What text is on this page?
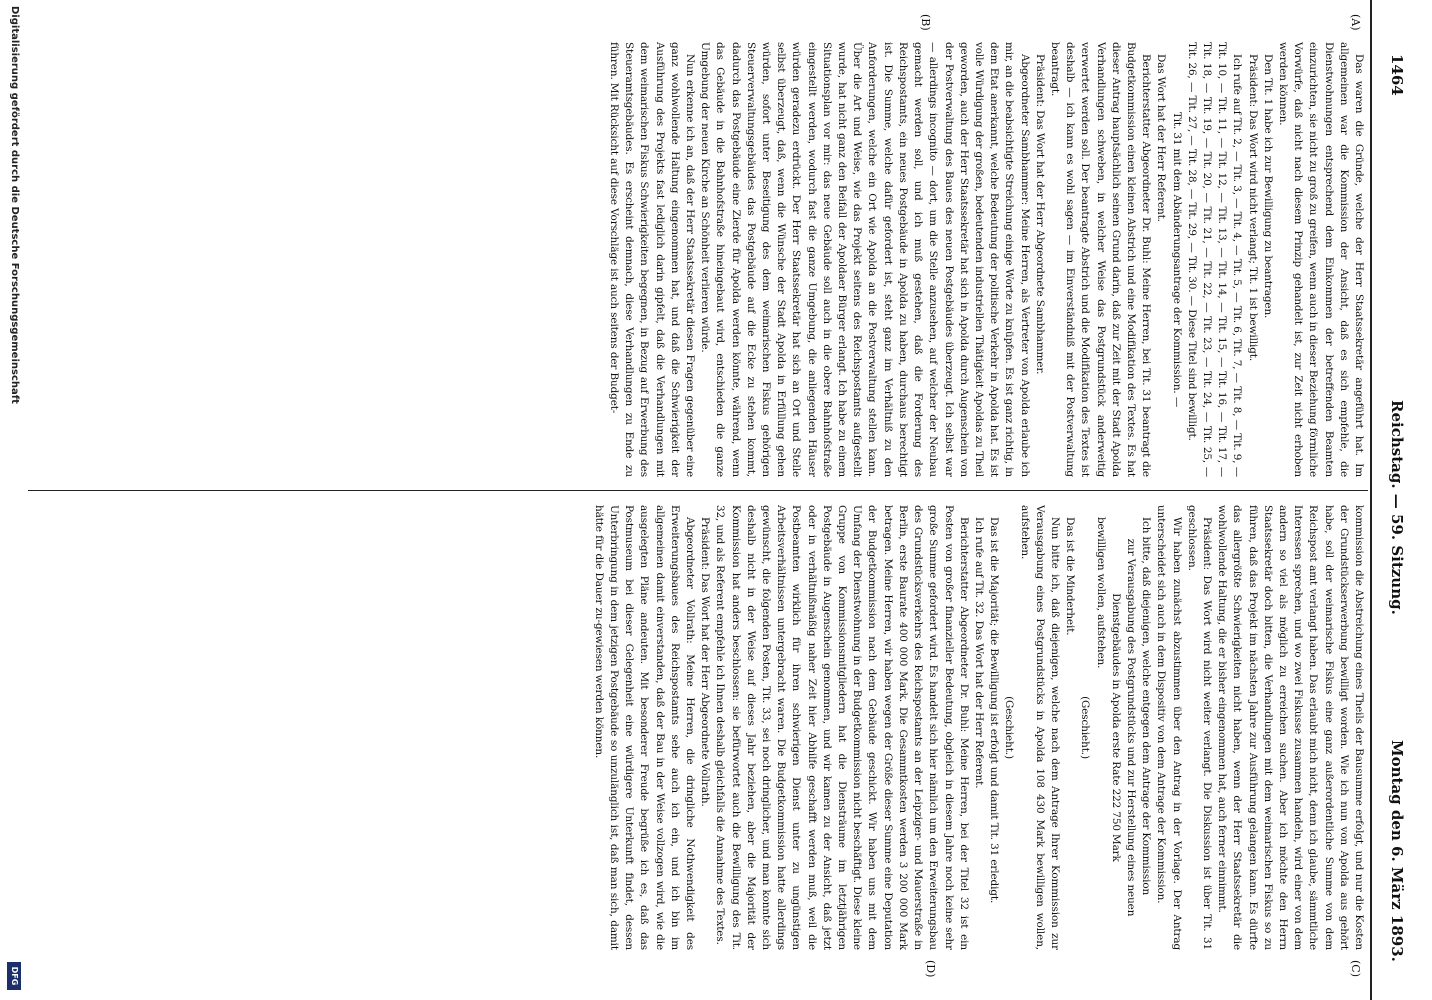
1464
Reichstag. — 59. Sitzung.
Montag den 6. März 1893.
(A)
(B)
(C)
(D)

Das waren die Gründe, welche der Herr Staatssekretär angeführt hat. Im allgemeinen war die Kommission der Ansicht, daß es sich empfehle, die Dienstwohnungen entsprechend dem Einkommen der betreffenden Beamten einzurichten, sie nicht zu groß zu greifen, wenn auch in dieser Beziehung förmliche Vorwürfe, daß nicht nach diesem Prinzip gehandelt ist, zur Zeit nicht erhoben werden können.

Den Tit. 1 habe ich zur Bewilligung zu beantragen.

Präsident: Das Wort wird nicht verlangt; Tit. 1 ist bewilligt.

Ich rufe auf Tit. 2, — Tit. 3, — Tit. 4, — Tit. 5, — Tit. 6, Tit. 7, — Tit. 8, — Tit. 9, — Tit. 10, — Tit. 11, — Tit. 12, — Tit. 13, — Tit. 14, — Tit. 15, — Tit. 16, — Tit. 17, — Tit. 18, — Tit. 19, — Tit. 20, — Tit. 21, — Tit. 22, — Tit. 23, — Tit. 24, — Tit. 25, — Tit. 26, — Tit. 27, — Tit. 28, — Tit. 29, — Tit. 30. — Diese Titel sind bewilligt.

Tit. 31 mit dem Abänderungsantrage der Kommission. —

Das Wort hat der Herr Referent.

Berichterstatter Abgeordneter Dr. Buhl: Meine Herren, bei Tit. 31 beantragt die Budgetkommission einen kleinen Abstrich und eine Modifikation des Textes. Es hat dieser Antrag hauptsächlich seinen Grund darin, daß zur Zeit mit der Stadt Apolda Verhandlungen schweben, in welcher Weise das Postgrundstück anderweitig verwertet werden soll. Der beantragte Abstrich und die Modifikation des Textes ist deshalb — ich kann es wohl sagen — im Einverständniß mit der Postverwaltung beantragt.

Präsident: Das Wort hat der Herr Abgeordnete Sambhammer.

Abgeordneter Sambhammer: Meine Herren, als Vertreter von Apolda erlaube ich mir, an die beabsichtigte Streichung einige Worte zu knüpfen. Es ist ganz richtig, in dem Etat anerkannt, welche Bedeutung der politische Verkehr in Apolda hat. Es ist volle Würdigung der großen, bedeutenden industriellen Thätigkeit Apoldas zu Theil geworden, auch der Herr Staatssekretär hat sich in Apolda durch Augenschein von der Postverwaltung des Baues des neuen Postgebäudes überzeugt. Ich selbst war — allerdings incognito — dort, um die Stelle anzusehen, auf welcher der Neubau gemacht werden soll, und ich muß gestehen, daß die Forderung des Reichspostamts, ein neues Postgebäude in Apolda zu haben, durchaus berechtigt ist. Die Summe, welche dafür gefordert ist, steht ganz im Verhältniß zu den Anforderungen, welche ein Ort wie Apolda an die Postverwaltung stellen kann. Über die Art und Weise, wie das Projekt seitens des Reichspostamts aufgestellt wurde, hat nicht ganz den Beifall der Apoldaer Bürger erlangt. Ich habe zu einem Situationsplan vor mir: das neue Gebäude soll auch in die obere Bahnhofstraße eingestellt werden, wodurch fast die ganze Umgebung, die anliegenden Häuser würden geradezu erdrückt. Der Herr Staatssekretär hat sich an Ort und Stelle selbst überzeugt, daß, wenn die Wünsche der Stadt Apolda in Erfüllung gehen würden, sofort unter Beseitigung des dem weimarischen Fiskus gehörigen Steuerverwaltungsgebäudes das Postgebäude auf die Ecke zu stehen kommt, dadurch das Postgebäude eine Zierde für Apolda werden könnte, während, wenn das Gebäude in die Bahnhofstraße hineingebaut wird, entschieden die ganze Umgebung der neuen Kirche an Schönheit verlieren würde.

Nun erkenne ich an, daß der Herr Staatssekretär diesen Fragen gegenüber eine ganz wohlwollende Haltung eingenommen hat, und daß die Schwierigkeit der Ausführung des Projekts fast lediglich darin gipfelt, daß die Verhandlungen mit dem weimarischen Fiskus Schwierigkeiten begegnen, in Bezug auf Erwerbung des Steueramtsgebäudes. Es erscheint demnach, diese Verhandlungen zu Ende zu führen. Mit Rücksicht auf diese Vorschläge ist auch seitens der Budget-

kommission die Abstreichung eines Theils der Bausumme erfolgt, und nur die Kosten der Grundstückserwerbung bewilligt worden. Wie ich nun von Apolda aus gehört habe, soll der weimarische Fiskus eine ganz außerordentliche Summe von dem Reichspost amt verlangt haben. Das erlaubt mich nicht, denn ich glaube, sämmtliche Interessen sprechen, und wo zwei Fiskusse zusammen handeln, wird einer von dem andern so viel als möglich zu erreichen suchen. Aber ich möchte den Herrn Staatssekretär doch bitten, die Verhandlungen mit dem weimarischen Fiskus so zu führen, daß das Projekt im nächsten Jahre zur Ausführung gelangen kann. Es dürfte das allergrößte Schwierigkeiten nicht haben, wenn der Herr Staatssekretär die wohlwollende Haltung, die er bisher eingenommen hat, auch ferner einnimmt.

Präsident: Das Wort wird nicht weiter verlangt. Die Diskussion ist über Tit. 31 geschlossen.

Wir haben zunächst abzustimmen über den Antrag in der Vorlage. Der Antrag unterscheidet sich auch in dem Dispositiv von dem Antrage der Kommission.

Ich bitte, daß diejenigen, welche entgegen dem Antrage der Kommission

zur Verausgabung des Postgrundstücks und zur Herstellung eines neuen Dienstgebäudes in Apolda erste Rate 222 750 Mark

bewilligen wollen, aufstehen.

(Geschieht.)

Das ist die Minderheit.

Nun bitte ich, daß diejenigen, welche nach dem Antrage Ihrer Kommission zur Verausgabung eines Postgrundstücks in Apolda 108 430 Mark bewilligen wollen, aufstehen.

(Geschieht.)

Das ist die Majorität; die Bewilligung ist erfolgt und damit Tit. 31 erledigt.

Ich rufe auf Tit. 32. Das Wort hat der Herr Referent.

Berichterstatter Abgeordneter Dr. Buhl: Meine Herren, bei der Titel 32 ist ein Posten von großer finanzieller Bedeutung, obgleich in diesem Jahre noch keine sehr große Summe gefordert wird. Es handelt sich hier nämlich um den Erweiterungsbau des Grundstücksverkehrs des Reichspostamts an der Leipziger- und Mauerstraße in Berlin, erste Baurate 400 000 Mark. Die Gesammtkosten werden 3 200 000 Mark betragen. Meine Herren, wir haben wegen der Größe dieser Summe eine Deputation der Budgetkommission nach dem Gebäude geschickt. Wir haben uns mit dem Umfang der Dienstwohnung in der Budgetkommission nicht beschäftigt. Diese kleine Gruppe von Kommissionsmitgliedern hat die Diensträume im letztjährigen Postgebäude in Augenschein genommen, und wir kamen zu der Ansicht, daß jetzt oder in verhältnißmäßig naher Zeit hier Abhilfe geschafft werden muß, weil die Postbeamten wirklich für ihren schwierigen Dienst unter zu ungünstigen Arbeitsverhältnissen untergebracht waren. Die Budgetkommission hatte allerdings gewünscht, die folgenden Posten, Tit. 33, sei noch dringlicher, und man konnte sich deshalb nicht in der Weise auf dieses Jahr beziehen, aber die Majorität der Kommission hat anders beschlossen: sie befürwortet auch die Bewilligung des Tit. 32, und als Referent empfehle ich Ihnen deshalb gleichfalls die Annahme des Textes.

Präsident: Das Wort hat der Herr Abgeordnete Vollrath.

Abgeordneter Vollrath: Meine Herren, die dringliche Nothwendigkeit des Erweiterungsbaues des Reichspostamts sehe auch ich ein, und ich bin im allgemeinen damit einverstanden, daß der Bau in der Weise vollzogen wird, wie die ausgelegten Pläne andeuten. Mit besonderer Freude begrüße ich es, daß das Postmuseum bei dieser Gelegenheit eine würdigere Unterkunft findet, dessen Unterbringung in dem jetzigen Postgebäude so unzulänglich ist, daß man sich, damit hätte für die Dauer zu-gewiesen werden können.

Digitalisierung gefördert durch die Deutsche Forschungsgemeinschaft
DFG
